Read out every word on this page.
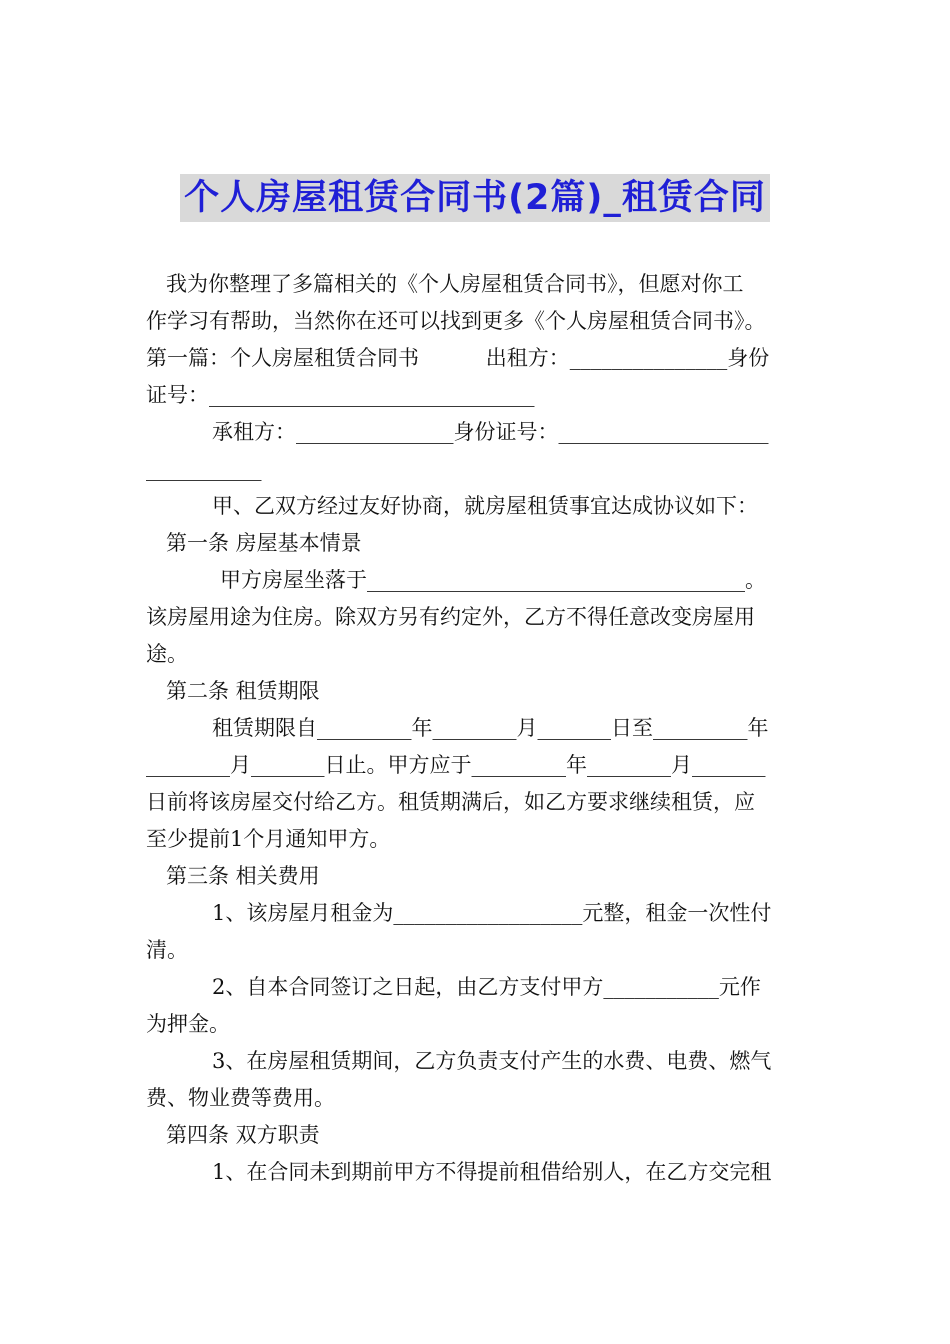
个人房屋租赁合同书(2篇)_租赁合同
我为你整理了多篇相关的《个人房屋租赁合同书》，但愿对你工
作学习有帮助，当然你在还可以找到更多《个人房屋租赁合同书》。
第一篇：个人房屋租赁合同书          出租方：_______________身份
证号：_______________________________
承租方：_______________身份证号：____________________
___________
甲、乙双方经过友好协商，就房屋租赁事宜达成协议如下：
第一条 房屋基本情景
甲方房屋坐落于____________________________________。
该房屋用途为住房。除双方另有约定外，乙方不得任意改变房屋用
途。
第二条 租赁期限
租赁期限自_________年________月_______日至_________年
________月_______日止。甲方应于_________年________月_______
日前将该房屋交付给乙方。租赁期满后，如乙方要求继续租赁，应
至少提前1个月通知甲方。
第三条 相关费用
1、该房屋月租金为__________________元整，租金一次性付
清。
2、自本合同签订之日起，由乙方支付甲方___________元作
为押金。
3、在房屋租赁期间，乙方负责支付产生的水费、电费、燃气
费、物业费等费用。
第四条 双方职责
1、在合同未到期前甲方不得提前租借给别人，在乙方交完租
